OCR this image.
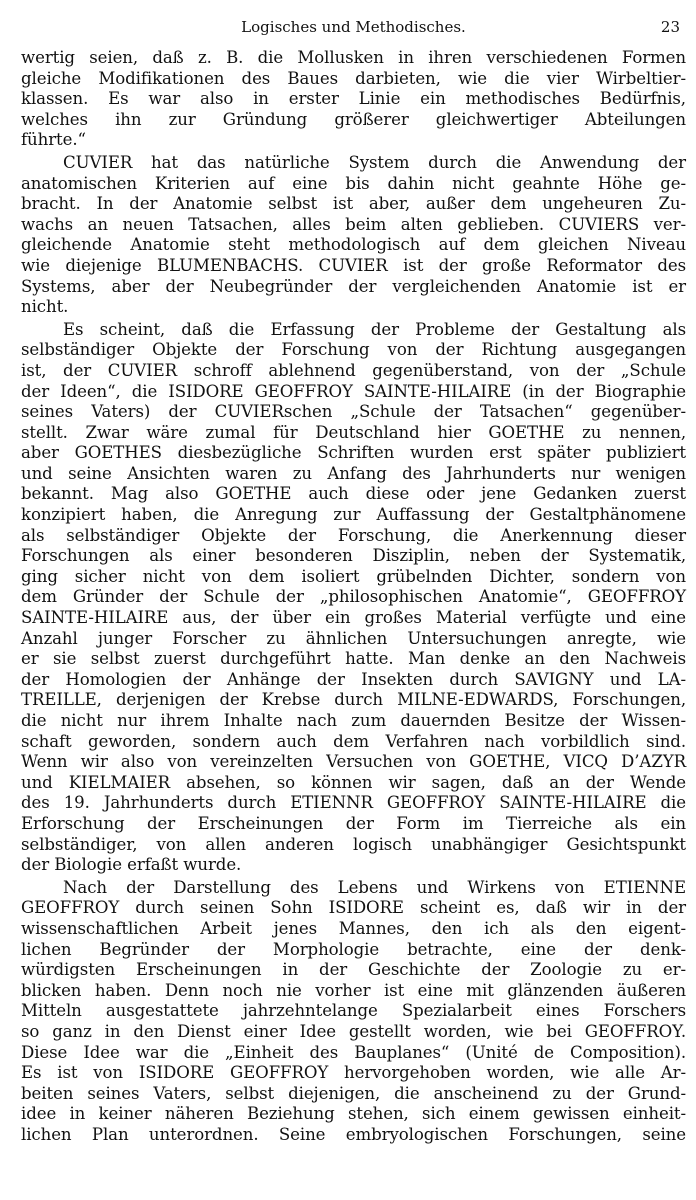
Logisches und Methodisches.	23
wertig seien, daß z. B. die Mollusken in ihren verschiedenen Formen
gleiche Modifikationen des Baues darbieten, wie die vier Wirbeltier-
klassen. Es war also in erster Linie ein methodisches Bedürfnis,
welches ihn zur Gründung größerer gleichwertiger Abteilungen
führte.“
CUVIER hat das natürliche System durch die Anwendung der
anatomischen Kriterien auf eine bis dahin nicht geahnte Höhe ge-
bracht. In der Anatomie selbst ist aber, außer dem ungeheuren Zu-
wachs an neuen Tatsachen, alles beim alten geblieben. CUVIERS ver-
gleichende Anatomie steht methodologisch auf dem gleichen Niveau
wie diejenige BLUMENBACHS. CUVIER ist der große Reformator des
Systems, aber der Neubegründer der vergleichenden Anatomie ist er
nicht.
Es scheint, daß die Erfassung der Probleme der Gestaltung als
selbständiger Objekte der Forschung von der Richtung ausgegangen
ist, der CUVIER schroff ablehnend gegenüberstand, von der „Schule
der Ideen“, die ISIDORE GEOFFROY SAINTE-HILAIRE (in der Biographie
seines Vaters) der CUVIERschen „Schule der Tatsachen“ gegenüber-
stellt. Zwar wäre zumal für Deutschland hier GOETHE zu nennen,
aber GOETHES diesbezügliche Schriften wurden erst später publiziert
und seine Ansichten waren zu Anfang des Jahrhunderts nur wenigen
bekannt. Mag also GOETHE auch diese oder jene Gedanken zuerst
konzipiert haben, die Anregung zur Auffassung der Gestaltphänomene
als selbständiger Objekte der Forschung, die Anerkennung dieser
Forschungen als einer besonderen Disziplin, neben der Systematik,
ging sicher nicht von dem isoliert grübelnden Dichter, sondern von
dem Gründer der Schule der „philosophischen Anatomie“, GEOFFROY
SAINTE-HILAIRE aus, der über ein großes Material verfügte und eine
Anzahl junger Forscher zu ähnlichen Untersuchungen anregte, wie
er sie selbst zuerst durchgeführt hatte. Man denke an den Nachweis
der Homologien der Anhänge der Insekten durch SAVIGNY und LA-
TREILLE, derjenigen der Krebse durch MILNE-EDWARDS, Forschungen,
die nicht nur ihrem Inhalte nach zum dauernden Besitze der Wissen-
schaft geworden, sondern auch dem Verfahren nach vorbildlich sind.
Wenn wir also von vereinzelten Versuchen von GOETHE, VICQ D’AZYR
und KIELMAIER absehen, so können wir sagen, daß an der Wende
des 19. Jahrhunderts durch ETIENNR GEOFFROY SAINTE-HILAIRE die
Erforschung der Erscheinungen der Form im Tierreiche als ein
selbständiger, von allen anderen logisch unabhängiger Gesichtspunkt
der Biologie erfaßt wurde.
Nach der Darstellung des Lebens und Wirkens von ETIENNE
GEOFFROY durch seinen Sohn ISIDORE scheint es, daß wir in der
wissenschaftlichen Arbeit jenes Mannes, den ich als den eigent-
lichen Begründer der Morphologie betrachte, eine der denk-
würdigsten Erscheinungen in der Geschichte der Zoologie zu er-
blicken haben. Denn noch nie vorher ist eine mit glänzenden äußeren
Mitteln ausgestattete jahrzehntelange Spezialarbeit eines Forschers
so ganz in den Dienst einer Idee gestellt worden, wie bei GEOFFROY.
Diese Idee war die „Einheit des Bauplanes“ (Unité de Composition).
Es ist von ISIDORE GEOFFROY hervorgehoben worden, wie alle Ar-
beiten seines Vaters, selbst diejenigen, die anscheinend zu der Grund-
idee in keiner näheren Beziehung stehen, sich einem gewissen einheit-
lichen Plan unterordnen. Seine embryologischen Forschungen, seine
